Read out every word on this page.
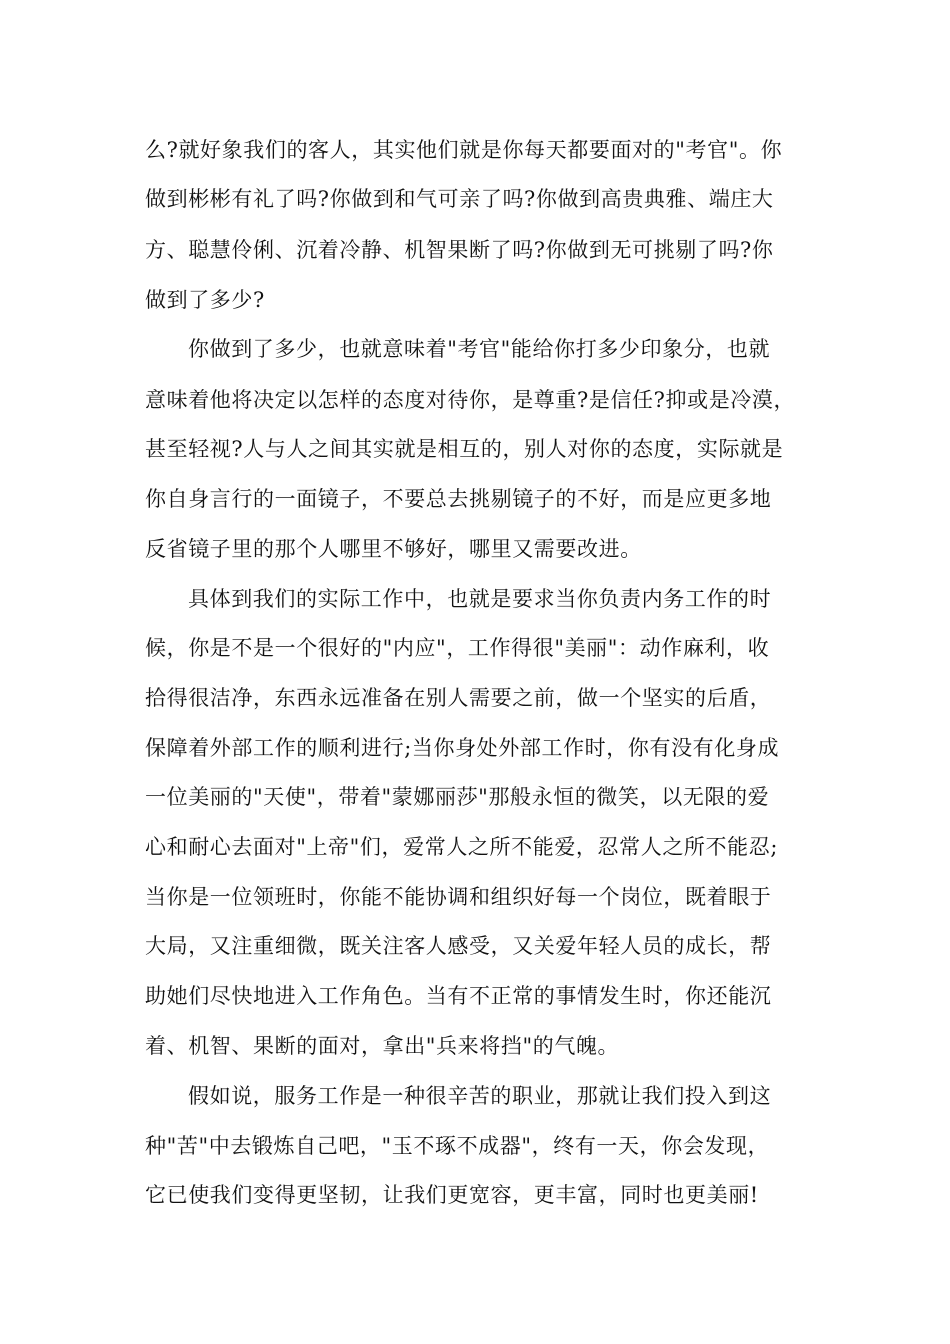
么?就好象我们的客人，其实他们就是你每天都要面对的"考官"。你
做到彬彬有礼了吗?你做到和气可亲了吗?你做到高贵典雅、端庄大
方、聪慧伶俐、沉着冷静、机智果断了吗?你做到无可挑剔了吗?你
做到了多少?
你做到了多少，也就意味着"考官"能给你打多少印象分，也就
意味着他将决定以怎样的态度对待你，是尊重?是信任?抑或是冷漠，
甚至轻视?人与人之间其实就是相互的，别人对你的态度，实际就是
你自身言行的一面镜子，不要总去挑剔镜子的不好，而是应更多地
反省镜子里的那个人哪里不够好，哪里又需要改进。
具体到我们的实际工作中，也就是要求当你负责内务工作的时
候，你是不是一个很好的"内应"，工作得很"美丽"：动作麻利，收
拾得很洁净，东西永远准备在别人需要之前，做一个坚实的后盾，
保障着外部工作的顺利进行;当你身处外部工作时，你有没有化身成
一位美丽的"天使"，带着"蒙娜丽莎"那般永恒的微笑，以无限的爱
心和耐心去面对"上帝"们，爱常人之所不能爱，忍常人之所不能忍;
当你是一位领班时，你能不能协调和组织好每一个岗位，既着眼于
大局，又注重细微，既关注客人感受，又关爱年轻人员的成长，帮
助她们尽快地进入工作角色。当有不正常的事情发生时，你还能沉
着、机智、果断的面对，拿出"兵来将挡"的气魄。
假如说，服务工作是一种很辛苦的职业，那就让我们投入到这
种"苦"中去锻炼自己吧，"玉不琢不成器"，终有一天，你会发现，
它已使我们变得更坚韧，让我们更宽容，更丰富，同时也更美丽!
